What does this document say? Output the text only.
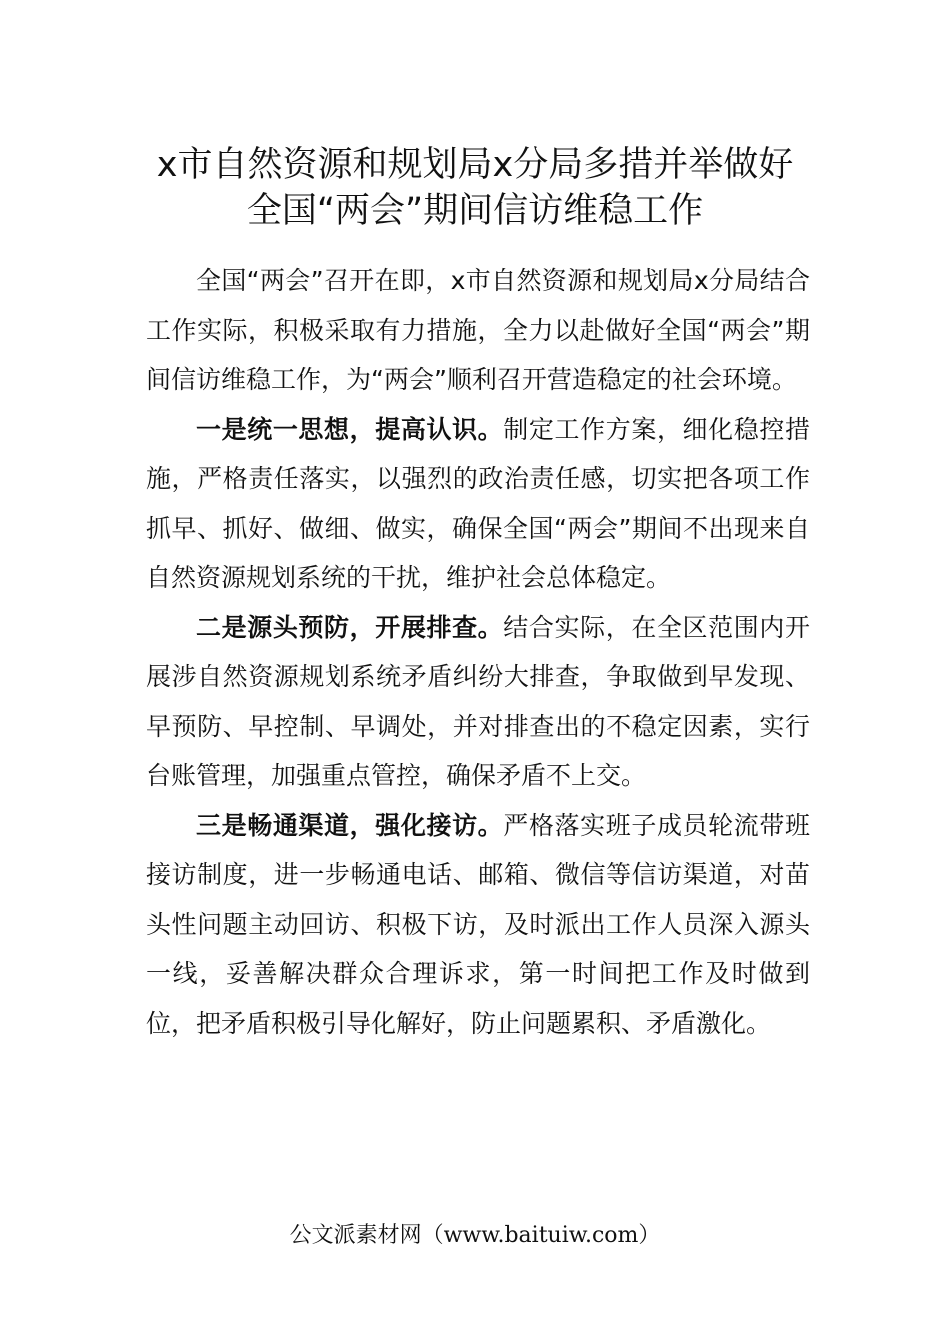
x市自然资源和规划局x分局多措并举做好
全国“两会”期间信访维稳工作

全国“两会”召开在即，x市自然资源和规划局x分局结合工作实际，积极采取有力措施，全力以赴做好全国“两会”期间信访维稳工作，为“两会”顺利召开营造稳定的社会环境。

一是统一思想，提高认识。制定工作方案，细化稳控措施，严格责任落实，以强烈的政治责任感，切实把各项工作抓早、抓好、做细、做实，确保全国“两会”期间不出现来自自然资源规划系统的干扰，维护社会总体稳定。

二是源头预防，开展排查。结合实际，在全区范围内开展涉自然资源规划系统矛盾纠纷大排查，争取做到早发现、早预防、早控制、早调处，并对排查出的不稳定因素，实行台账管理，加强重点管控，确保矛盾不上交。

三是畅通渠道，强化接访。严格落实班子成员轮流带班接访制度，进一步畅通电话、邮箱、微信等信访渠道，对苗头性问题主动回访、积极下访，及时派出工作人员深入源头一线，妥善解决群众合理诉求，第一时间把工作及时做到位，把矛盾积极引导化解好，防止问题累积、矛盾激化。

公文派素材网（www.baituiw.com）
